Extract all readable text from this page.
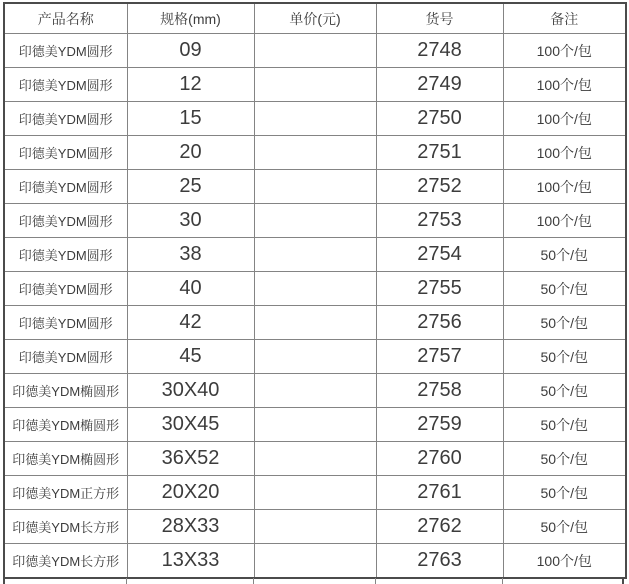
产品名称	规格(mm)	单价(元)	货号	备注
印德美YDM圆形	09		2748	100个/包
印德美YDM圆形	12		2749	100个/包
印德美YDM圆形	15		2750	100个/包
印德美YDM圆形	20		2751	100个/包
印德美YDM圆形	25		2752	100个/包
印德美YDM圆形	30		2753	100个/包
印德美YDM圆形	38		2754	50个/包
印德美YDM圆形	40		2755	50个/包
印德美YDM圆形	42		2756	50个/包
印德美YDM圆形	45		2757	50个/包
印德美YDM椭圆形	30X40		2758	50个/包
印德美YDM椭圆形	30X45		2759	50个/包
印德美YDM椭圆形	36X52		2760	50个/包
印德美YDM正方形	20X20		2761	50个/包
印德美YDM长方形	28X33		2762	50个/包
印德美YDM长方形	13X33		2763	100个/包
